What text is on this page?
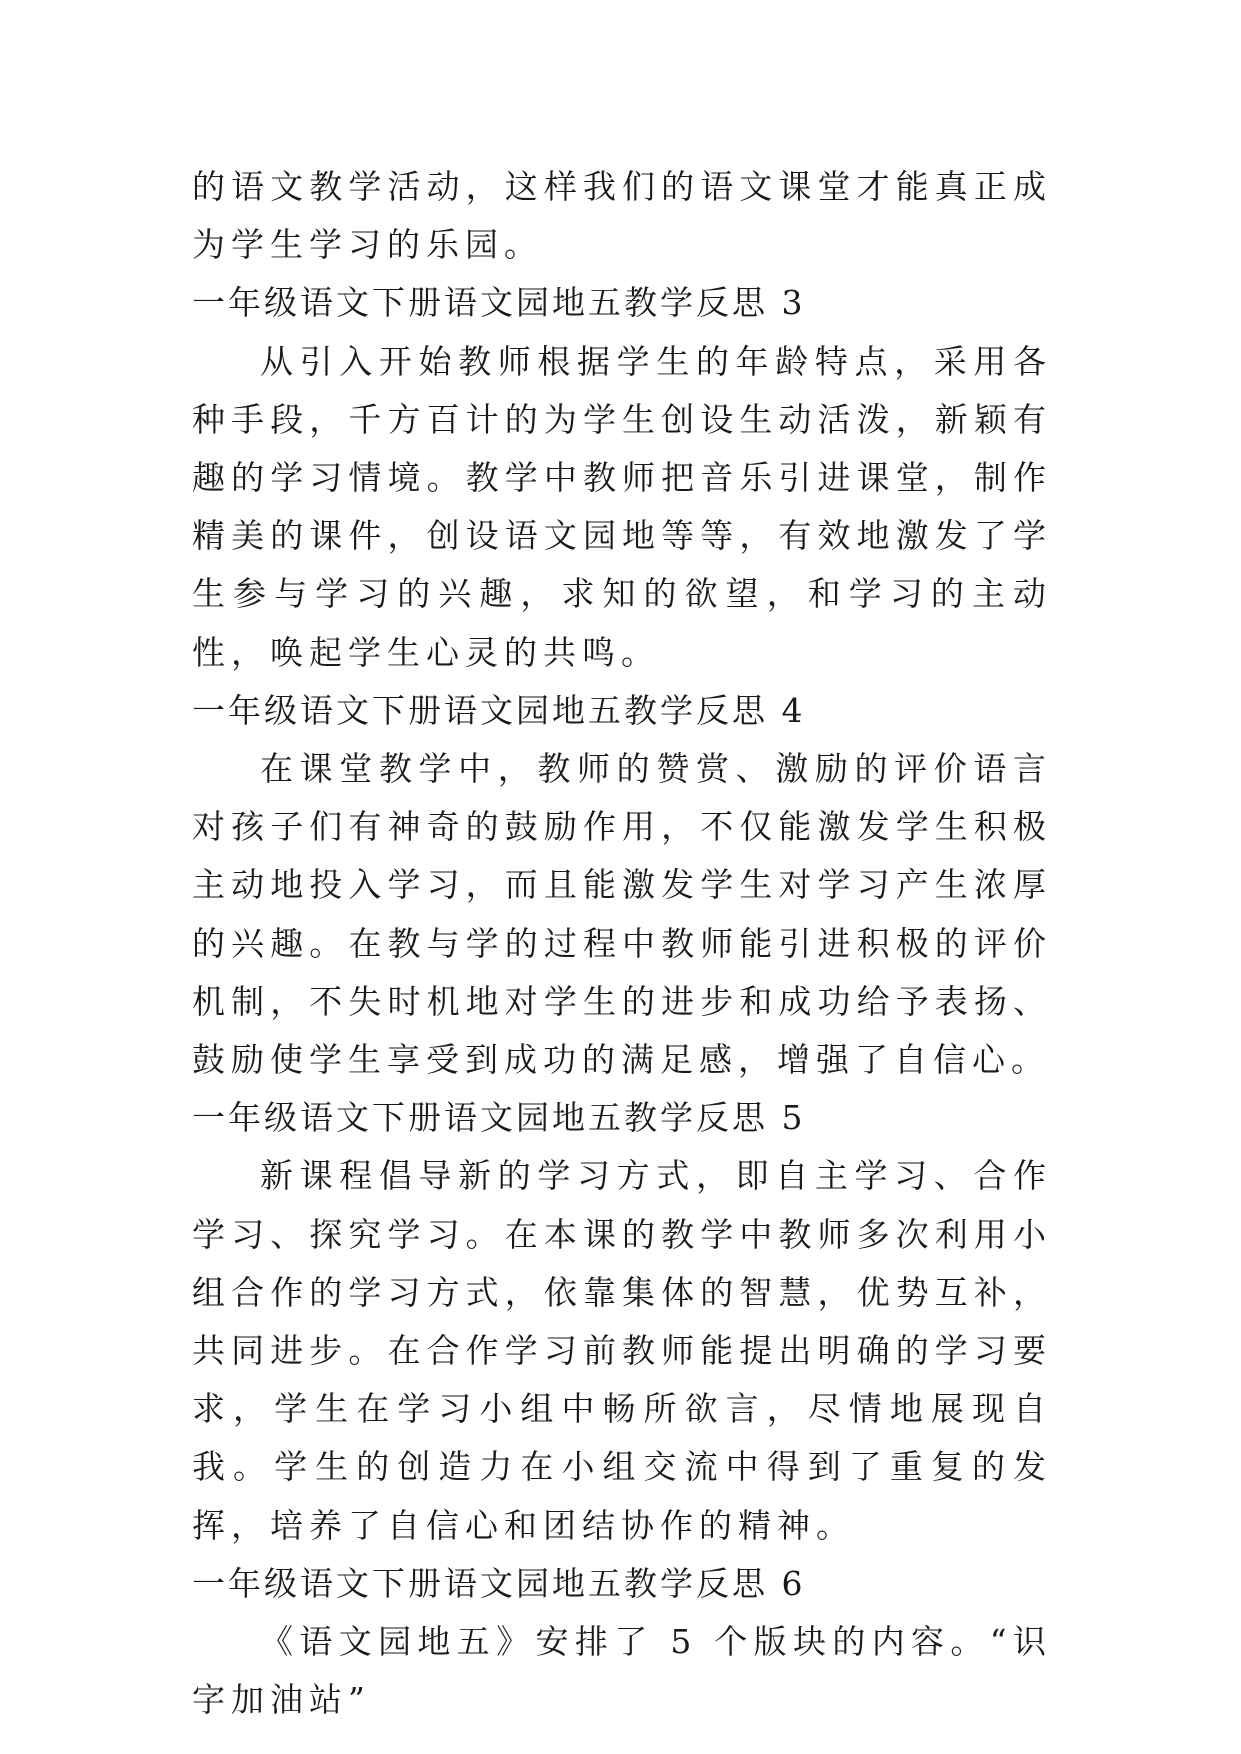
的语文教学活动，这样我们的语文课堂才能真正成为学生学习的乐园。

一年级语文下册语文园地五教学反思 3

从引入开始教师根据学生的年龄特点，采用各种手段，千方百计的为学生创设生动活泼，新颖有趣的学习情境。教学中教师把音乐引进课堂，制作精美的课件，创设语文园地等等，有效地激发了学生参与学习的兴趣，求知的欲望，和学习的主动性，唤起学生心灵的共鸣。

一年级语文下册语文园地五教学反思 4

在课堂教学中，教师的赞赏、激励的评价语言对孩子们有神奇的鼓励作用，不仅能激发学生积极主动地投入学习，而且能激发学生对学习产生浓厚的兴趣。在教与学的过程中教师能引进积极的评价机制，不失时机地对学生的进步和成功给予表扬、鼓励使学生享受到成功的满足感，增强了自信心。

一年级语文下册语文园地五教学反思 5

新课程倡导新的学习方式，即自主学习、合作学习、探究学习。在本课的教学中教师多次利用小组合作的学习方式，依靠集体的智慧，优势互补，共同进步。在合作学习前教师能提出明确的学习要求，学生在学习小组中畅所欲言，尽情地展现自我。学生的创造力在小组交流中得到了重复的发挥，培养了自信心和团结协作的精神。

一年级语文下册语文园地五教学反思 6

《语文园地五》安排了 5 个版块的内容。“识字加油站”
